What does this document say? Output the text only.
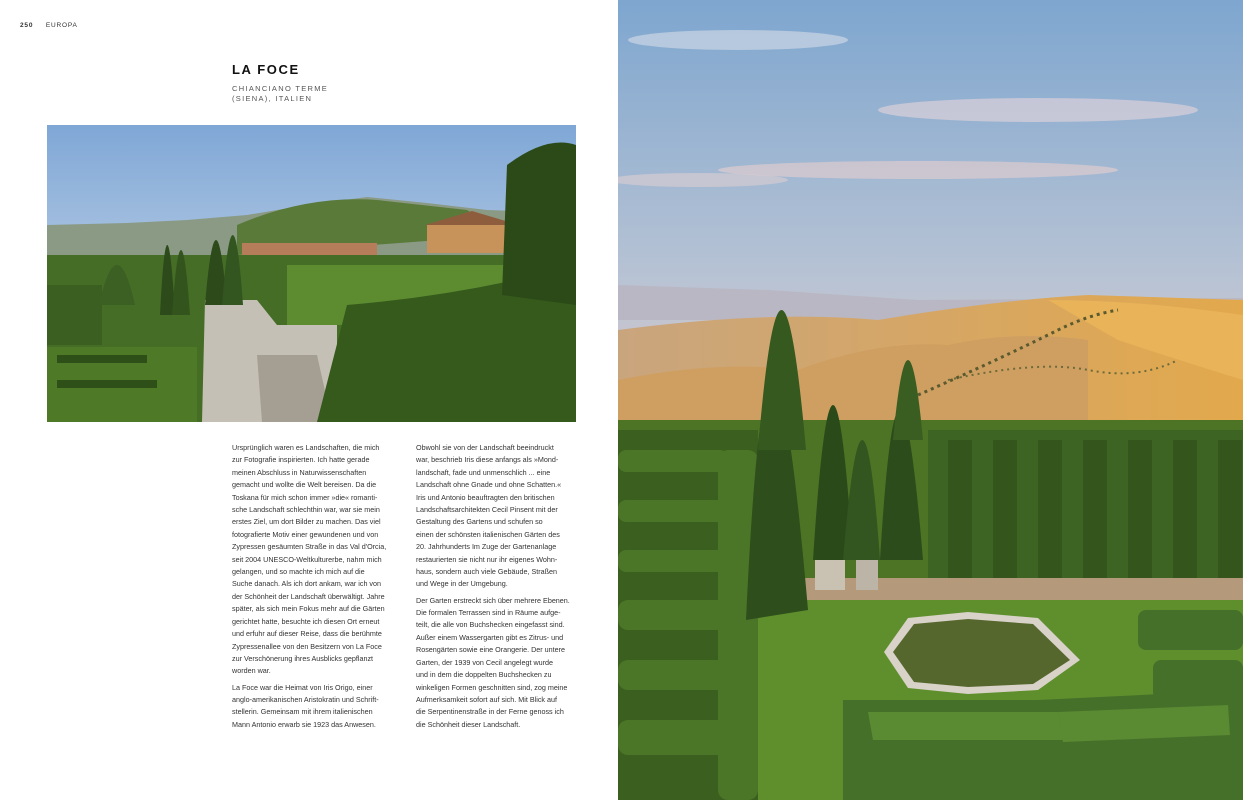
250 EUROPA
LA FOCE
CHIANCIANO TERME
(SIENA), ITALIEN

Ursprünglich waren es Landschaften, die mich
zur Fotografie inspirierten. Ich hatte gerade
meinen Abschluss in Naturwissenschaften
gemacht und wollte die Welt bereisen. Da die
Toskana für mich schon immer »die« romanti-
sche Landschaft schlechthin war, war sie mein
erstes Ziel, um dort Bilder zu machen. Das viel
fotografierte Motiv einer gewundenen und von
Zypressen gesäumten Straße in das Val d'Orcia,
seit 2004 UNESCO-Weltkulturerbe, nahm mich
gelangen, und so machte ich mich auf die
Suche danach. Als ich dort ankam, war ich von
der Schönheit der Landschaft überwältigt. Jahre
später, als sich mein Fokus mehr auf die Gärten
gerichtet hatte, besuchte ich diesen Ort erneut
und erfuhr auf dieser Reise, dass die berühmte
Zypressenallee von den Besitzern von La Foce
zur Verschönerung ihres Ausblicks gepflanzt
worden war.

La Foce war die Heimat von Iris Origo, einer
anglo-amerikanischen Aristokratin und Schrift-
stellerin. Gemeinsam mit ihrem italienischen
Mann Antonio erwarb sie 1923 das Anwesen.

Obwohl sie von der Landschaft beeindruckt
war, beschrieb Iris diese anfangs als »Mond-
landschaft, fade und unmenschlich ... eine
Landschaft ohne Gnade und ohne Schatten.«
Iris und Antonio beauftragten den britischen
Landschaftsarchitekten Cecil Pinsent mit der
Gestaltung des Gartens und schufen so
einen der schönsten italienischen Gärten des
20. Jahrhunderts Im Zuge der Gartenanlage
restaurierten sie nicht nur ihr eigenes Wohn-
haus, sondern auch viele Gebäude, Straßen
und Wege in der Umgebung.

Der Garten erstreckt sich über mehrere Ebenen.
Die formalen Terrassen sind in Räume aufge-
teilt, die alle von Buchshecken eingefasst sind.
Außer einem Wassergarten gibt es Zitrus- und
Rosengärten sowie eine Orangerie. Der untere
Garten, der 1939 von Cecil angelegt wurde
und in dem die doppelten Buchshecken zu
winkeligen Formen geschnitten sind, zog meine
Aufmerksamkeit sofort auf sich. Mit Blick auf
die Serpentinenstraße in der Ferne genoss ich
die Schönheit dieser Landschaft.
